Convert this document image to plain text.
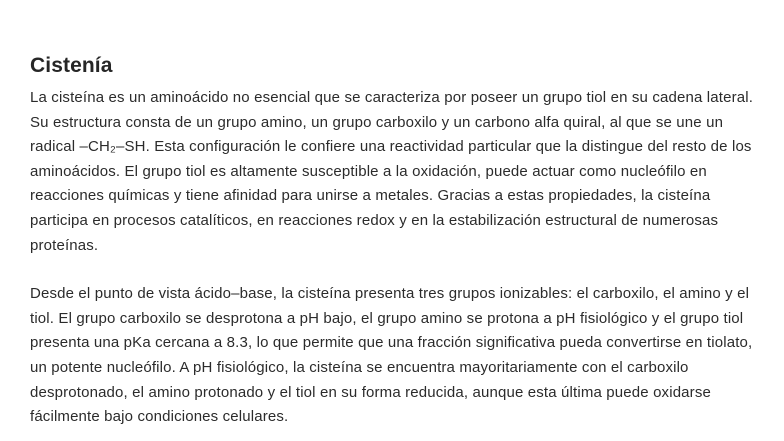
Cistenía

La cisteína es un aminoácido no esencial que se caracteriza por poseer un grupo tiol en su cadena lateral. Su estructura consta de un grupo amino, un grupo carboxilo y un carbono alfa quiral, al que se une un radical –CH₂–SH. Esta configuración le confiere una reactividad particular que la distingue del resto de los aminoácidos. El grupo tiol es altamente susceptible a la oxidación, puede actuar como nucleófilo en reacciones químicas y tiene afinidad para unirse a metales. Gracias a estas propiedades, la cisteína participa en procesos catalíticos, en reacciones redox y en la estabilización estructural de numerosas proteínas.

Desde el punto de vista ácido–base, la cisteína presenta tres grupos ionizables: el carboxilo, el amino y el tiol. El grupo carboxilo se desprotona a pH bajo, el grupo amino se protona a pH fisiológico y el grupo tiol presenta una pKa cercana a 8.3, lo que permite que una fracción significativa pueda convertirse en tiolato, un potente nucleófilo. A pH fisiológico, la cisteína se encuentra mayoritariamente con el carboxilo desprotonado, el amino protonado y el tiol en su forma reducida, aunque esta última puede oxidarse fácilmente bajo condiciones celulares.
